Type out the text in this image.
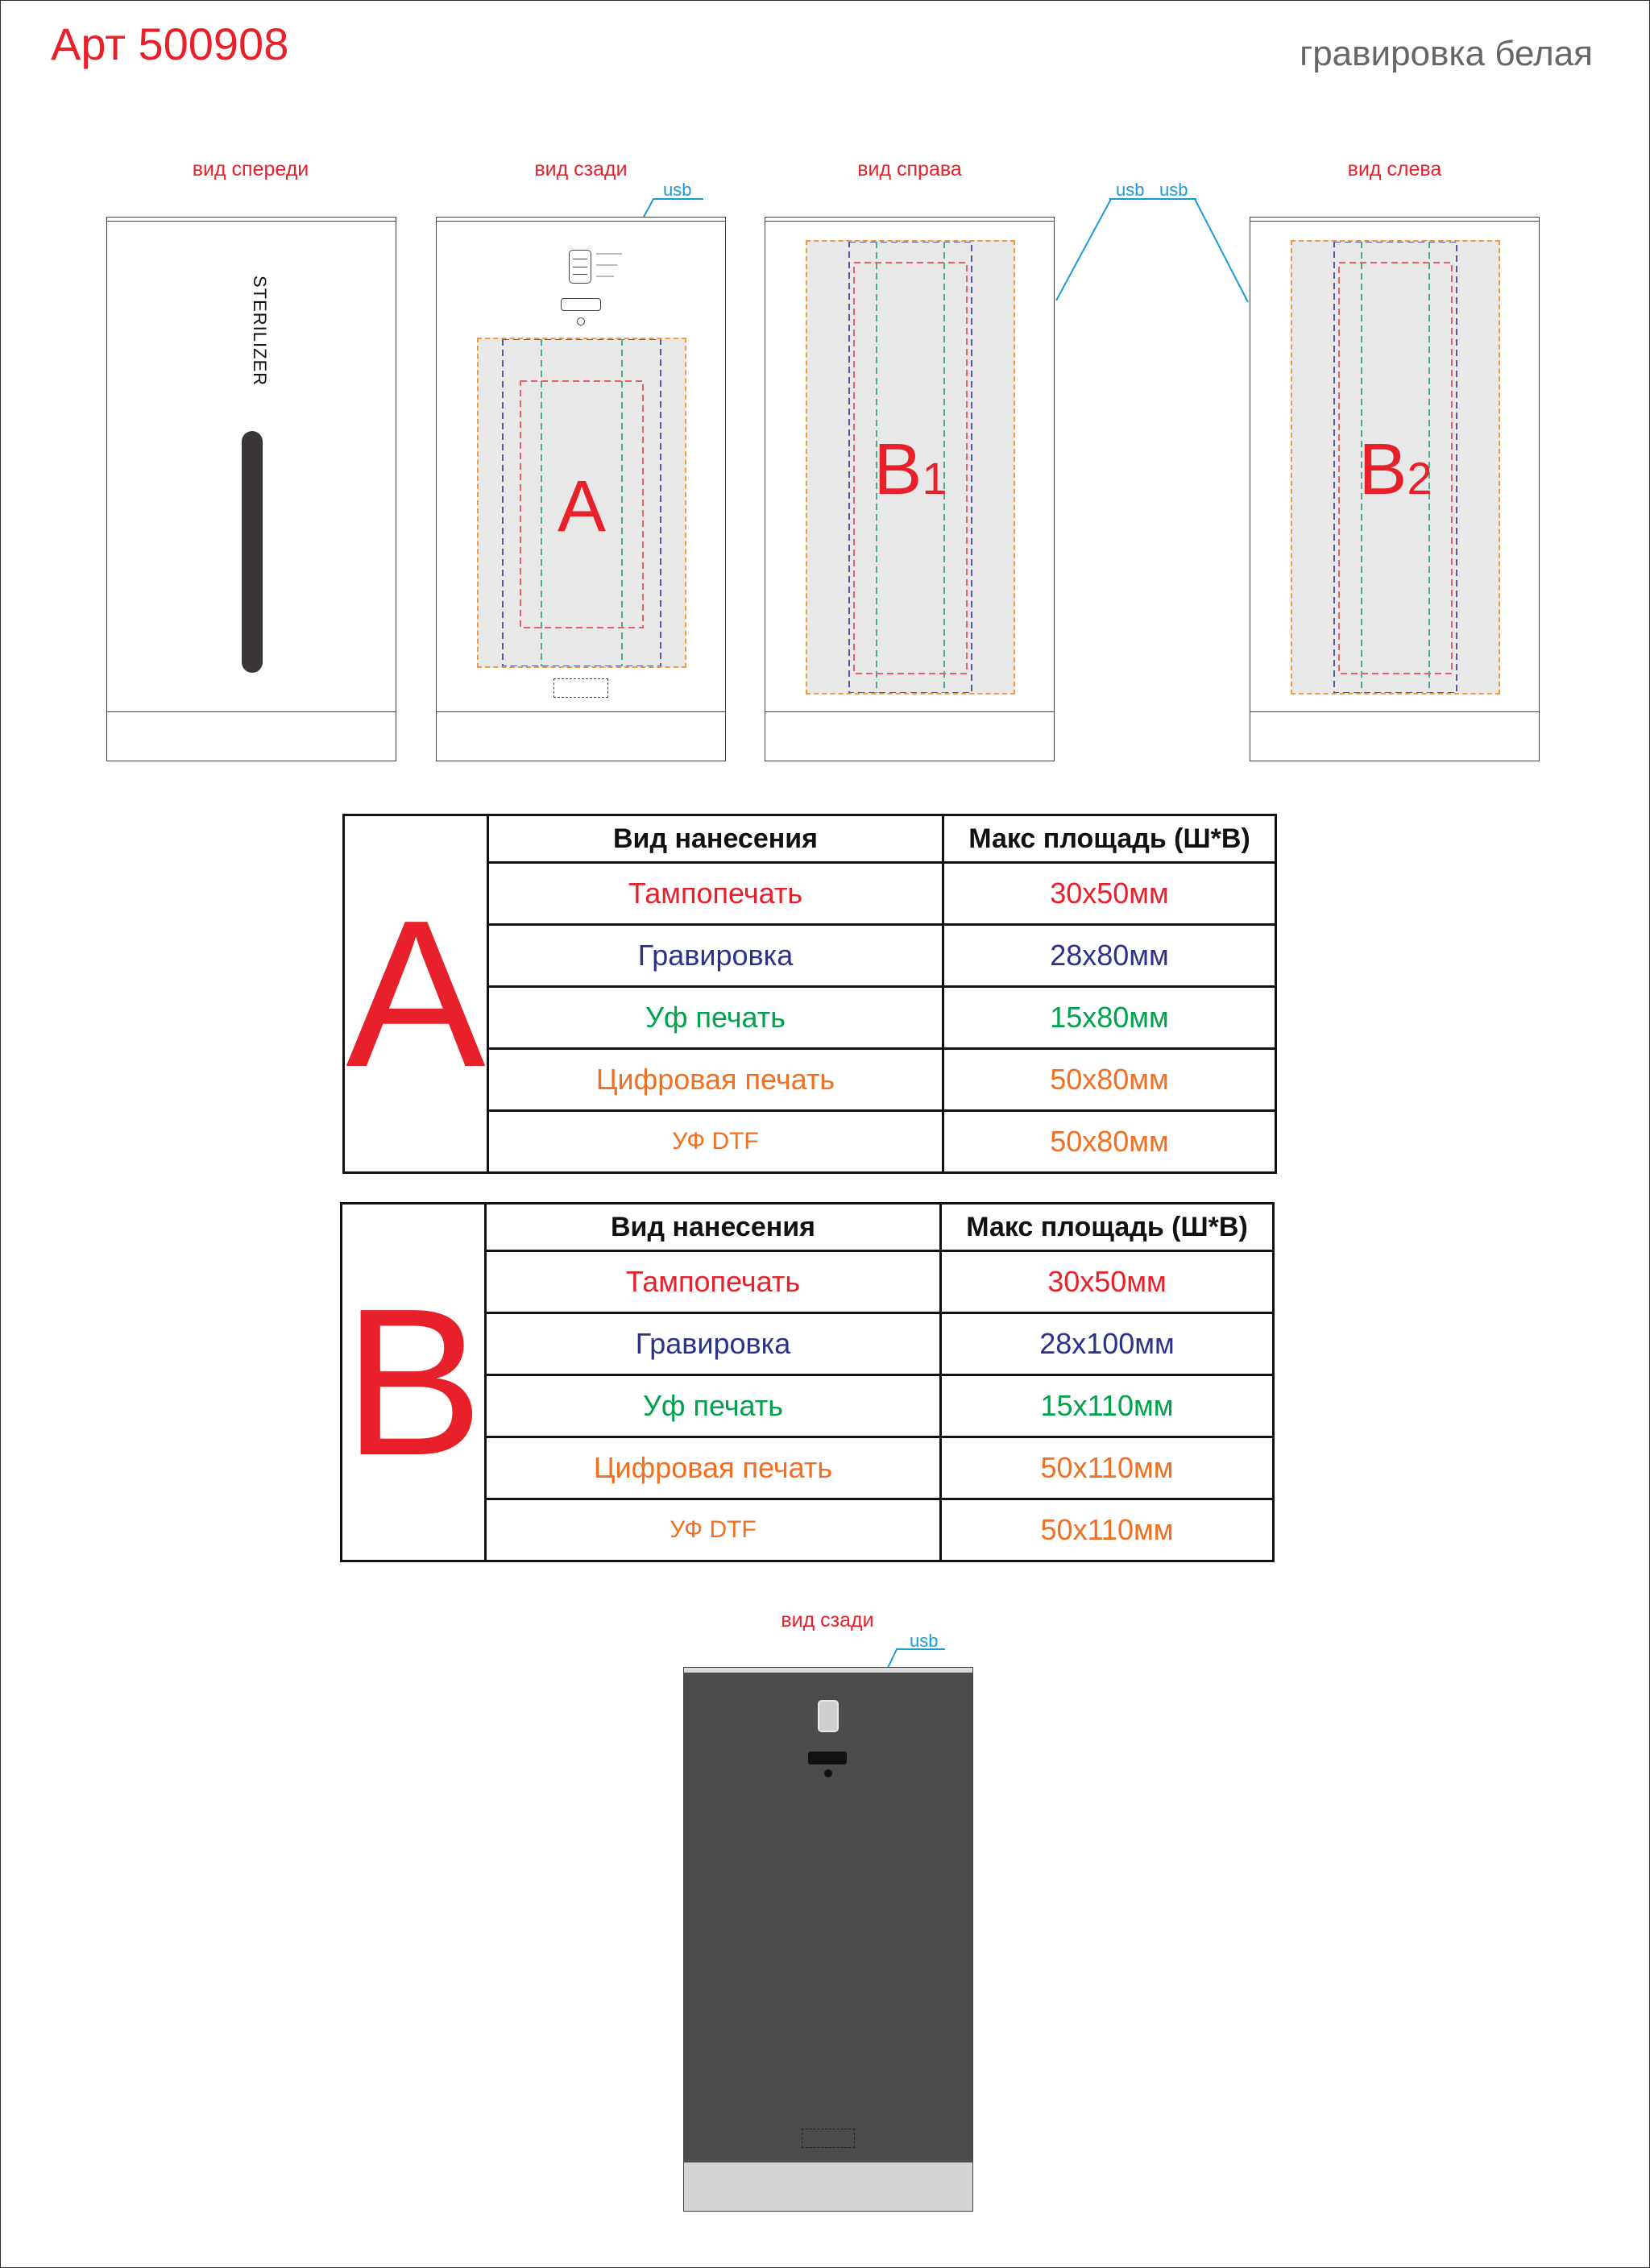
Арт 500908	гравировка белая
вид спереди	вид сзади	вид справа	вид слева
usb	usb usb
STERILIZER
A	B1	B2
A	Вид нанесения	Макс площадь (Ш*В)
	Тампопечать	30x50мм
	Гравировка	28x80мм
	Уф печать	15x80мм
	Цифровая печать	50x80мм
	УФ DTF	50x80мм
B	Вид нанесения	Макс площадь (Ш*В)
	Тампопечать	30x50мм
	Гравировка	28x100мм
	Уф печать	15x110мм
	Цифровая печать	50x110мм
	УФ DTF	50x110мм
вид сзади
usb
